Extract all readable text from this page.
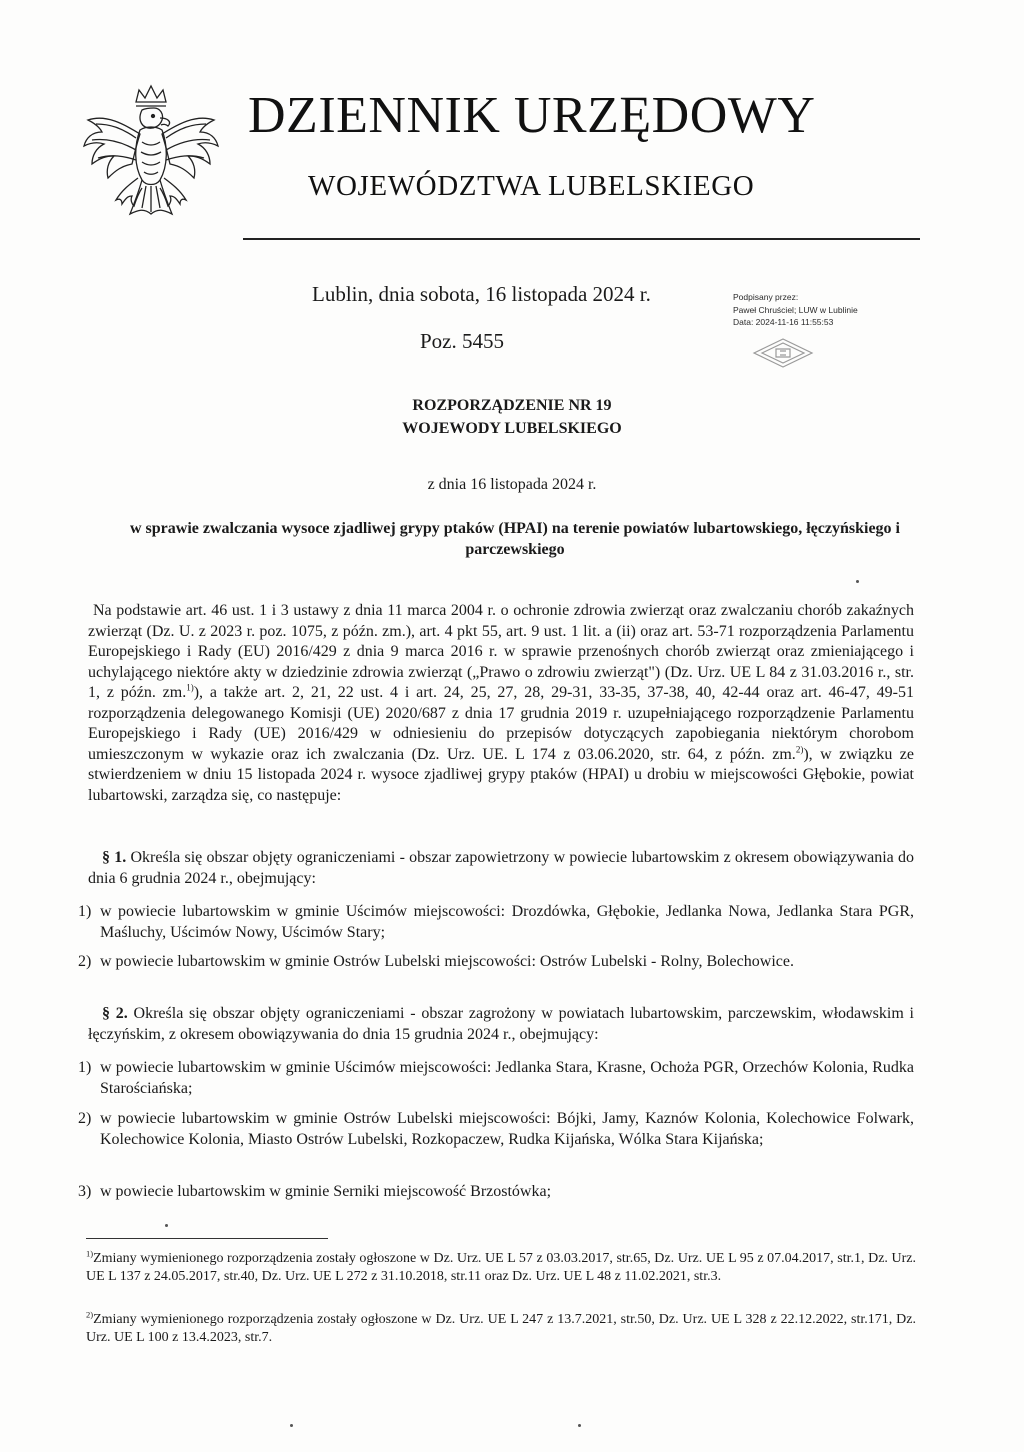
DZIENNIK URZĘDOWY
WOJEWÓDZTWA LUBELSKIEGO
Lublin, dnia sobota, 16 listopada 2024 r.
Poz. 5455
Podpisany przez:
Paweł Chruściel; LUW w Lublinie
Data: 2024-11-16 11:55:53
ROZPORZĄDZENIE NR 19
WOJEWODY LUBELSKIEGO
z dnia 16 listopada 2024 r.
w sprawie zwalczania wysoce zjadliwej grypy ptaków (HPAI) na terenie powiatów lubartowskiego, łęczyńskiego i parczewskiego
Na podstawie art. 46 ust. 1 i 3 ustawy z dnia 11 marca 2004 r. o ochronie zdrowia zwierząt oraz zwalczaniu chorób zakaźnych zwierząt (Dz. U. z 2023 r. poz. 1075, z późn. zm.), art. 4 pkt 55, art. 9 ust. 1 lit. a (ii) oraz art. 53-71 rozporządzenia Parlamentu Europejskiego i Rady (EU) 2016/429 z dnia 9 marca 2016 r. w sprawie przenośnych chorób zwierząt oraz zmieniającego i uchylającego niektóre akty w dziedzinie zdrowia zwierząt („Prawo o zdrowiu zwierząt") (Dz. Urz. UE L 84 z 31.03.2016 r., str. 1, z późn. zm.$^{1)}$), a także art. 2, 21, 22 ust. 4 i art. 24, 25, 27, 28, 29-31, 33-35, 37-38, 40, 42-44 oraz art. 46-47, 49-51 rozporządzenia delegowanego Komisji (UE) 2020/687 z dnia 17 grudnia 2019 r. uzupełniającego rozporządzenie Parlamentu Europejskiego i Rady (UE) 2016/429 w odniesieniu do przepisów dotyczących zapobiegania niektórym chorobom umieszczonym w wykazie oraz ich zwalczania (Dz. Urz. UE. L 174 z 03.06.2020, str. 64, z późn. zm.$^{2)}$), w związku ze stwierdzeniem w dniu 15 listopada 2024 r. wysoce zjadliwej grypy ptaków (HPAI) u drobiu w miejscowości Głębokie, powiat lubartowski, zarządza się, co następuje:
§ 1. Określa się obszar objęty ograniczeniami - obszar zapowietrzony w powiecie lubartowskim z okresem obowiązywania do dnia 6 grudnia 2024 r., obejmujący:
1) w powiecie lubartowskim w gminie Uścimów miejscowości: Drozdówka, Głębokie, Jedlanka Nowa, Jedlanka Stara PGR, Maśluchy, Uścimów Nowy, Uścimów Stary;
2) w powiecie lubartowskim w gminie Ostrów Lubelski miejscowości: Ostrów Lubelski - Rolny, Bolechowice.
§ 2. Określa się obszar objęty ograniczeniami - obszar zagrożony w powiatach lubartowskim, parczewskim, włodawskim i łęczyńskim, z okresem obowiązywania do dnia 15 grudnia 2024 r., obejmujący:
1) w powiecie lubartowskim w gminie Uścimów miejscowości: Jedlanka Stara, Krasne, Ochoża PGR, Orzechów Kolonia, Rudka Starościańska;
2) w powiecie lubartowskim w gminie Ostrów Lubelski miejscowości: Bójki, Jamy, Kaznów Kolonia, Kolechowice Folwark, Kolechowice Kolonia, Miasto Ostrów Lubelski, Rozkopaczew, Rudka Kijańska, Wólka Stara Kijańska;
3) w powiecie lubartowskim w gminie Serniki miejscowość Brzostówka;
$^{1)}$Zmiany wymienionego rozporządzenia zostały ogłoszone w Dz. Urz. UE L 57 z 03.03.2017, str.65, Dz. Urz. UE L 95 z 07.04.2017, str.1, Dz. Urz. UE L 137 z 24.05.2017, str.40, Dz. Urz. UE L 272 z 31.10.2018, str.11 oraz Dz. Urz. UE L 48 z 11.02.2021, str.3.
$^{2)}$Zmiany wymienionego rozporządzenia zostały ogłoszone w Dz. Urz. UE L 247 z 13.7.2021, str.50, Dz. Urz. UE L 328 z 22.12.2022, str.171, Dz. Urz. UE L 100 z 13.4.2023, str.7.
